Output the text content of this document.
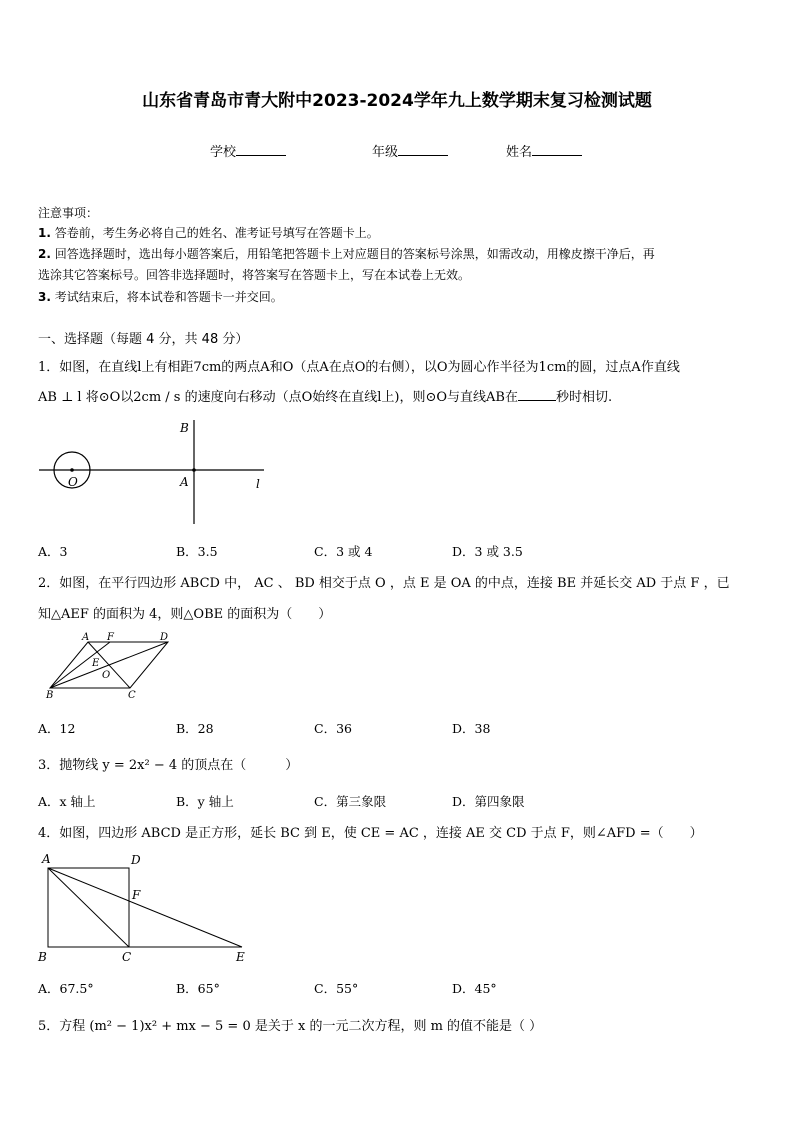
山东省青岛市青大附中2023-2024学年九上数学期末复习检测试题
学校	年级	姓名
注意事项：
1. 答卷前，考生务必将自己的姓名、准考证号填写在答题卡上。
2. 回答选择题时，选出每小题答案后，用铅笔把答题卡上对应题目的答案标号涂黑，如需改动，用橡皮擦干净后，再
选涂其它答案标号。回答非选择题时，将答案写在答题卡上，写在本试卷上无效。
3. 考试结束后，将本试卷和答题卡一并交回。
一、选择题（每题 4 分，共 48 分）
1．如图，在直线l上有相距7cm的两点A和O（点A在点O的右侧），以O为圆心作半径为1cm的圆，过点A作直线
AB ⊥ l 将⊙O以2cm / s 的速度向右移动（点O始终在直线l上)，则⊙O与直线AB在	秒时相切.
B
O	A	l
A．3	B．3.5	C．3 或 4	D．3 或 3.5
2．如图，在平行四边形 ABCD 中， AC 、 BD 相交于点 O ，点 E 是 OA 的中点，连接 BE 并延长交 AD 于点 F ，已
知△AEF 的面积为 4，则△OBE 的面积为（　　）
A F	D
E
O
B	C
A．12	B．28	C．36	D．38
3．抛物线 y = 2x² − 4 的顶点在（　　　）
A．x 轴上	B．y 轴上	C．第三象限	D．第四象限
4．如图，四边形 ABCD 是正方形，延长 BC 到 E，使 CE = AC ，连接 AE 交 CD 于点 F，则∠AFD =（　　）
A	D
F
B	C	E
A．67.5°	B．65°	C．55°	D．45°
5．方程 (m² − 1)x² + mx − 5 = 0 是关于 x 的一元二次方程，则 m 的值不能是（ ）
